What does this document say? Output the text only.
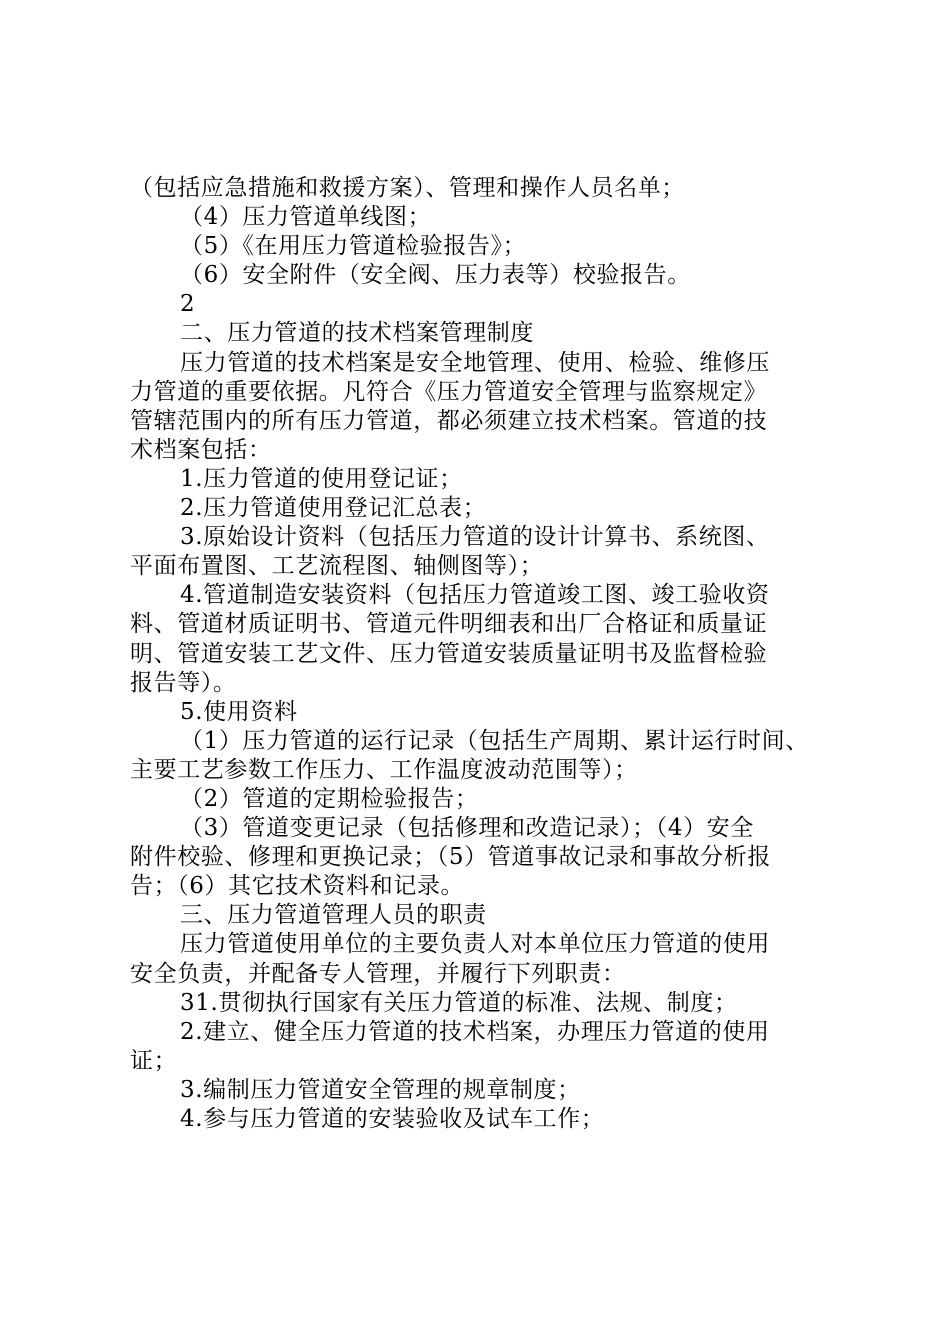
（包括应急措施和救援方案）、管理和操作人员名单；
（4）压力管道单线图；
（5）《在用压力管道检验报告》；
（6）安全附件（安全阀、压力表等）校验报告。
2
二、压力管道的技术档案管理制度
压力管道的技术档案是安全地管理、使用、检验、维修压
力管道的重要依据。凡符合《压力管道安全管理与监察规定》
管辖范围内的所有压力管道，都必须建立技术档案。管道的技
术档案包括：
1.压力管道的使用登记证；
2.压力管道使用登记汇总表；
3.原始设计资料（包括压力管道的设计计算书、系统图、
平面布置图、工艺流程图、轴侧图等）；
4.管道制造安装资料（包括压力管道竣工图、竣工验收资
料、管道材质证明书、管道元件明细表和出厂合格证和质量证
明、管道安装工艺文件、压力管道安装质量证明书及监督检验
报告等）。
5.使用资料
（1）压力管道的运行记录（包括生产周期、累计运行时间、
主要工艺参数工作压力、工作温度波动范围等）；
（2）管道的定期检验报告；
（3）管道变更记录（包括修理和改造记录）；（4）安全
附件校验、修理和更换记录；（5）管道事故记录和事故分析报
告；（6）其它技术资料和记录。
三、压力管道管理人员的职责
压力管道使用单位的主要负责人对本单位压力管道的使用
安全负责，并配备专人管理，并履行下列职责：
31.贯彻执行国家有关压力管道的标准、法规、制度；
2.建立、健全压力管道的技术档案，办理压力管道的使用
证；
3.编制压力管道安全管理的规章制度；
4.参与压力管道的安装验收及试车工作；
